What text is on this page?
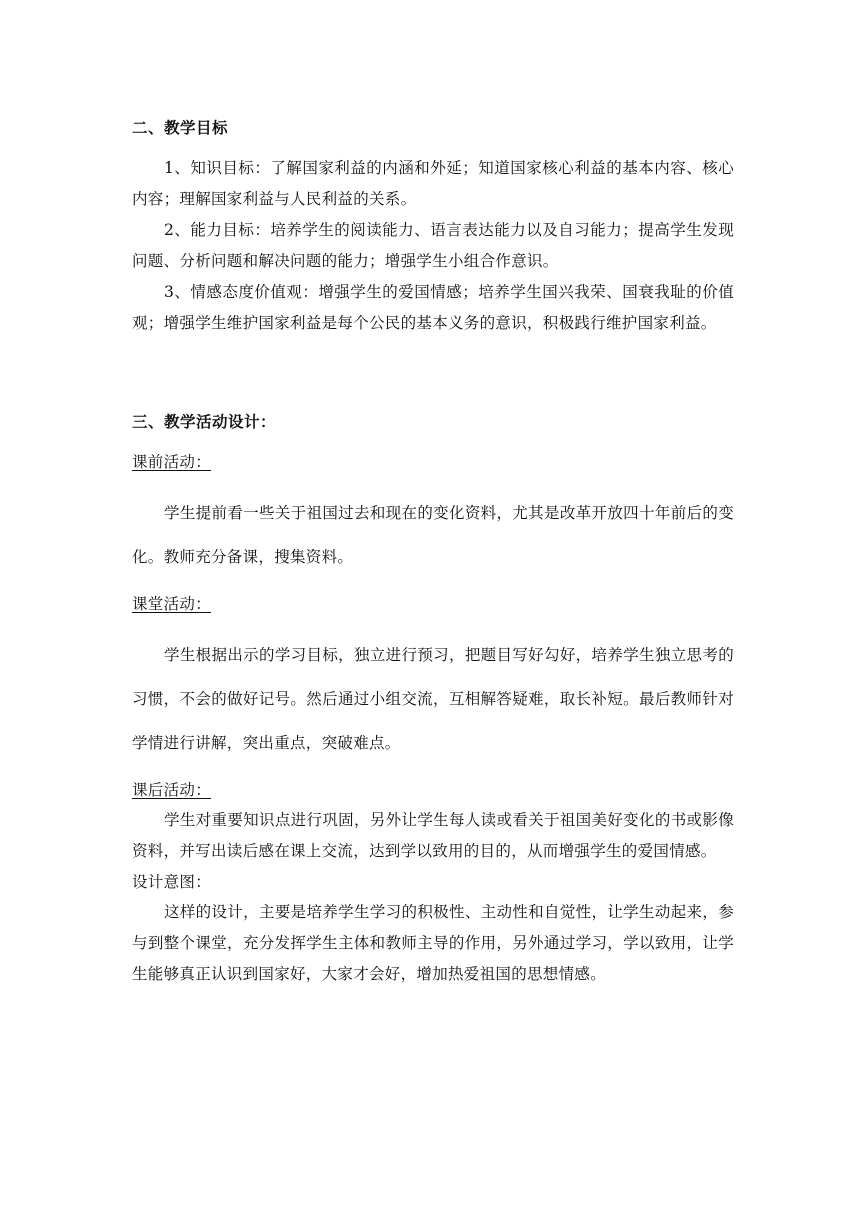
二、教学目标

1、知识目标：了解国家利益的内涵和外延；知道国家核心利益的基本内容、核心内容；理解国家利益与人民利益的关系。

2、能力目标：培养学生的阅读能力、语言表达能力以及自习能力；提高学生发现问题、分析问题和解决问题的能力；增强学生小组合作意识。

3、情感态度价值观：增强学生的爱国情感；培养学生国兴我荣、国衰我耻的价值观；增强学生维护国家利益是每个公民的基本义务的意识，积极践行维护国家利益。

三、教学活动设计：

课前活动：

学生提前看一些关于祖国过去和现在的变化资料，尤其是改革开放四十年前后的变化。教师充分备课，搜集资料。

课堂活动：

学生根据出示的学习目标，独立进行预习，把题目写好勾好，培养学生独立思考的习惯，不会的做好记号。然后通过小组交流，互相解答疑难，取长补短。最后教师针对学情进行讲解，突出重点，突破难点。

课后活动：

学生对重要知识点进行巩固，另外让学生每人读或看关于祖国美好变化的书或影像资料，并写出读后感在课上交流，达到学以致用的目的，从而增强学生的爱国情感。

设计意图：

这样的设计，主要是培养学生学习的积极性、主动性和自觉性，让学生动起来，参与到整个课堂，充分发挥学生主体和教师主导的作用，另外通过学习，学以致用，让学生能够真正认识到国家好，大家才会好，增加热爱祖国的思想情感。
